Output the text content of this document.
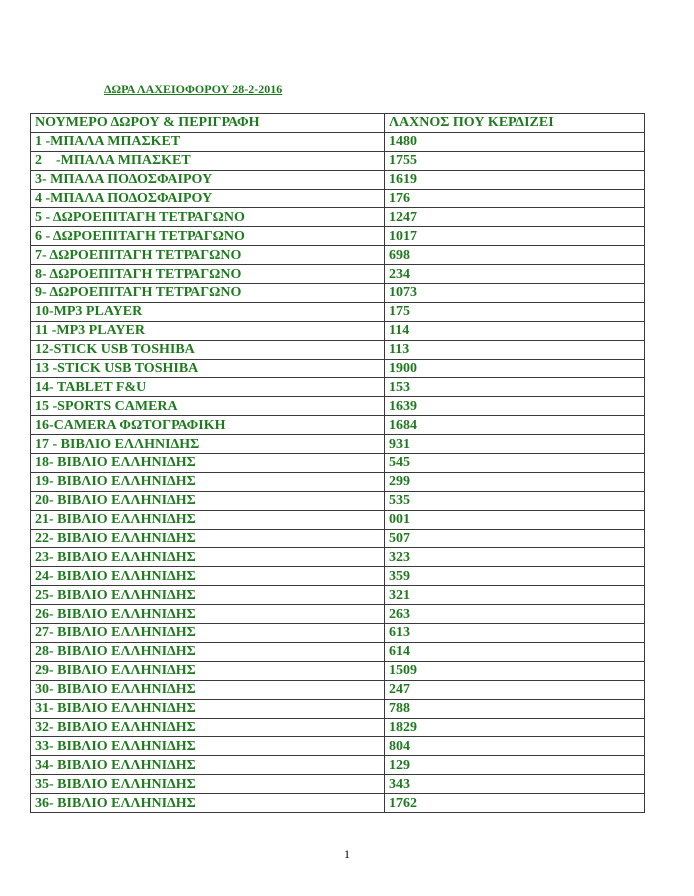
ΔΩΡΑ ΛΑΧΕΙΟΦΟΡΟΥ 28-2-2016
ΝΟΥΜΕΡΟ ΔΩΡΟΥ & ΠΕΡΙΓΡΑΦΗ	ΛΑΧΝΟΣ ΠΟΥ ΚΕΡΔΙΖΕΙ
1 -ΜΠΑΛΑ ΜΠΑΣΚΕΤ	1480
2    -ΜΠΑΛΑ ΜΠΑΣΚΕΤ	1755
3- ΜΠΑΛΑ ΠΟΔΟΣΦΑΙΡΟΥ	1619
4 -ΜΠΑΛΑ ΠΟΔΟΣΦΑΙΡΟΥ	176
5 - ΔΩΡΟΕΠΙΤΑΓΗ ΤΕΤΡΑΓΩΝΟ	1247
6 - ΔΩΡΟΕΠΙΤΑΓΗ ΤΕΤΡΑΓΩΝΟ	1017
7- ΔΩΡΟΕΠΙΤΑΓΗ ΤΕΤΡΑΓΩΝΟ	698
8- ΔΩΡΟΕΠΙΤΑΓΗ ΤΕΤΡΑΓΩΝΟ	234
9- ΔΩΡΟΕΠΙΤΑΓΗ ΤΕΤΡΑΓΩΝΟ	1073
10-MP3 PLAYER	175
11 -MP3 PLAYER	114
12-STICK USB TOSHIBA	113
13 -STICK USB TOSHIBA	1900
14- TABLET F&U	153
15 -SPORTS CAMERA	1639
16-CAMERA ΦΩΤΟΓΡΑΦΙΚΗ	1684
17 - ΒΙΒΛΙΟ ΕΛΛΗΝΙΔΗΣ	931
18- ΒΙΒΛΙΟ ΕΛΛΗΝΙΔΗΣ	545
19- ΒΙΒΛΙΟ ΕΛΛΗΝΙΔΗΣ	299
20- ΒΙΒΛΙΟ ΕΛΛΗΝΙΔΗΣ	535
21- ΒΙΒΛΙΟ ΕΛΛΗΝΙΔΗΣ	001
22- ΒΙΒΛΙΟ ΕΛΛΗΝΙΔΗΣ	507
23- ΒΙΒΛΙΟ ΕΛΛΗΝΙΔΗΣ	323
24- ΒΙΒΛΙΟ ΕΛΛΗΝΙΔΗΣ	359
25- ΒΙΒΛΙΟ ΕΛΛΗΝΙΔΗΣ	321
26- ΒΙΒΛΙΟ ΕΛΛΗΝΙΔΗΣ	263
27- ΒΙΒΛΙΟ ΕΛΛΗΝΙΔΗΣ	613
28- ΒΙΒΛΙΟ ΕΛΛΗΝΙΔΗΣ	614
29- ΒΙΒΛΙΟ ΕΛΛΗΝΙΔΗΣ	1509
30- ΒΙΒΛΙΟ ΕΛΛΗΝΙΔΗΣ	247
31- ΒΙΒΛΙΟ ΕΛΛΗΝΙΔΗΣ	788
32- ΒΙΒΛΙΟ ΕΛΛΗΝΙΔΗΣ	1829
33- ΒΙΒΛΙΟ ΕΛΛΗΝΙΔΗΣ	804
34- ΒΙΒΛΙΟ ΕΛΛΗΝΙΔΗΣ	129
35- ΒΙΒΛΙΟ ΕΛΛΗΝΙΔΗΣ	343
36- ΒΙΒΛΙΟ ΕΛΛΗΝΙΔΗΣ	1762
1
